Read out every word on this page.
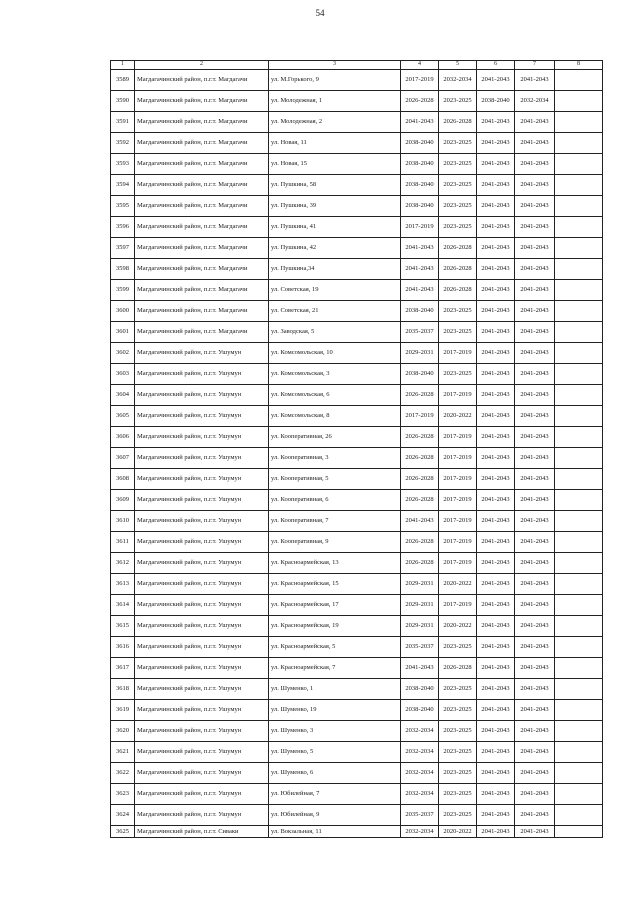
54
1	2	3	4	5	6	7	8
3589	Магдагачинский район, п.г.т. Магдагачи	ул. М.Горького, 9	2017-2019	2032-2034	2041-2043	2041-2043	
3590	Магдагачинский район, п.г.т. Магдагачи	ул. Молодежная, 1	2026-2028	2023-2025	2038-2040	2032-2034	
3591	Магдагачинский район, п.г.т. Магдагачи	ул. Молодежная, 2	2041-2043	2026-2028	2041-2043	2041-2043	
3592	Магдагачинский район, п.г.т. Магдагачи	ул. Новая, 11	2038-2040	2023-2025	2041-2043	2041-2043	
3593	Магдагачинский район, п.г.т. Магдагачи	ул. Новая, 15	2038-2040	2023-2025	2041-2043	2041-2043	
3594	Магдагачинский район, п.г.т. Магдагачи	ул. Пушкина, 58	2038-2040	2023-2025	2041-2043	2041-2043	
3595	Магдагачинский район, п.г.т. Магдагачи	ул. Пушкина, 39	2038-2040	2023-2025	2041-2043	2041-2043	
3596	Магдагачинский район, п.г.т. Магдагачи	ул. Пушкина, 41	2017-2019	2023-2025	2041-2043	2041-2043	
3597	Магдагачинский район, п.г.т. Магдагачи	ул. Пушкина, 42	2041-2043	2026-2028	2041-2043	2041-2043	
3598	Магдагачинский район, п.г.т. Магдагачи	ул. Пушкина,34	2041-2043	2026-2028	2041-2043	2041-2043	
3599	Магдагачинский район, п.г.т. Магдагачи	ул. Советская, 19	2041-2043	2026-2028	2041-2043	2041-2043	
3600	Магдагачинский район, п.г.т. Магдагачи	ул. Советская, 21	2038-2040	2023-2025	2041-2043	2041-2043	
3601	Магдагачинский район, п.г.т. Магдагачи	ул. Заводская, 5	2035-2037	2023-2025	2041-2043	2041-2043	
3602	Магдагачинский район, п.г.т. Ушумун	ул. Комсомольская, 10	2029-2031	2017-2019	2041-2043	2041-2043	
3603	Магдагачинский район, п.г.т. Ушумун	ул. Комсомольская, 3	2038-2040	2023-2025	2041-2043	2041-2043	
3604	Магдагачинский район, п.г.т. Ушумун	ул. Комсомольская, 6	2026-2028	2017-2019	2041-2043	2041-2043	
3605	Магдагачинский район, п.г.т. Ушумун	ул. Комсомольская, 8	2017-2019	2020-2022	2041-2043	2041-2043	
3606	Магдагачинский район, п.г.т. Ушумун	ул. Кооперативная, 26	2026-2028	2017-2019	2041-2043	2041-2043	
3607	Магдагачинский район, п.г.т. Ушумун	ул. Кооперативная, 3	2026-2028	2017-2019	2041-2043	2041-2043	
3608	Магдагачинский район, п.г.т. Ушумун	ул. Кооперативная, 5	2026-2028	2017-2019	2041-2043	2041-2043	
3609	Магдагачинский район, п.г.т. Ушумун	ул. Кооперативная, 6	2026-2028	2017-2019	2041-2043	2041-2043	
3610	Магдагачинский район, п.г.т. Ушумун	ул. Кооперативная, 7	2041-2043	2017-2019	2041-2043	2041-2043	
3611	Магдагачинский район, п.г.т. Ушумун	ул. Кооперативная, 9	2026-2028	2017-2019	2041-2043	2041-2043	
3612	Магдагачинский район, п.г.т. Ушумун	ул. Красноармейская, 13	2026-2028	2017-2019	2041-2043	2041-2043	
3613	Магдагачинский район, п.г.т. Ушумун	ул. Красноармейская, 15	2029-2031	2020-2022	2041-2043	2041-2043	
3614	Магдагачинский район, п.г.т. Ушумун	ул. Красноармейская, 17	2029-2031	2017-2019	2041-2043	2041-2043	
3615	Магдагачинский район, п.г.т. Ушумун	ул. Красноармейская, 19	2029-2031	2020-2022	2041-2043	2041-2043	
3616	Магдагачинский район, п.г.т. Ушумун	ул. Красноармейская, 5	2035-2037	2023-2025	2041-2043	2041-2043	
3617	Магдагачинский район, п.г.т. Ушумун	ул. Красноармейская, 7	2041-2043	2026-2028	2041-2043	2041-2043	
3618	Магдагачинский район, п.г.т. Ушумун	ул. Шуменко, 1	2038-2040	2023-2025	2041-2043	2041-2043	
3619	Магдагачинский район, п.г.т. Ушумун	ул. Шуменко, 19	2038-2040	2023-2025	2041-2043	2041-2043	
3620	Магдагачинский район, п.г.т. Ушумун	ул. Шуменко, 3	2032-2034	2023-2025	2041-2043	2041-2043	
3621	Магдагачинский район, п.г.т. Ушумун	ул. Шуменко, 5	2032-2034	2023-2025	2041-2043	2041-2043	
3622	Магдагачинский район, п.г.т. Ушумун	ул. Шуменко, 6	2032-2034	2023-2025	2041-2043	2041-2043	
3623	Магдагачинский район, п.г.т. Ушумун	ул. Юбилейная, 7	2032-2034	2023-2025	2041-2043	2041-2043	
3624	Магдагачинский район, п.г.т. Ушумун	ул. Юбилейная, 9	2035-2037	2023-2025	2041-2043	2041-2043	
3625	Магдагачинский район, п.г.т. Сиваки	ул. Вокзальная, 11	2032-2034	2020-2022	2041-2043	2041-2043	
